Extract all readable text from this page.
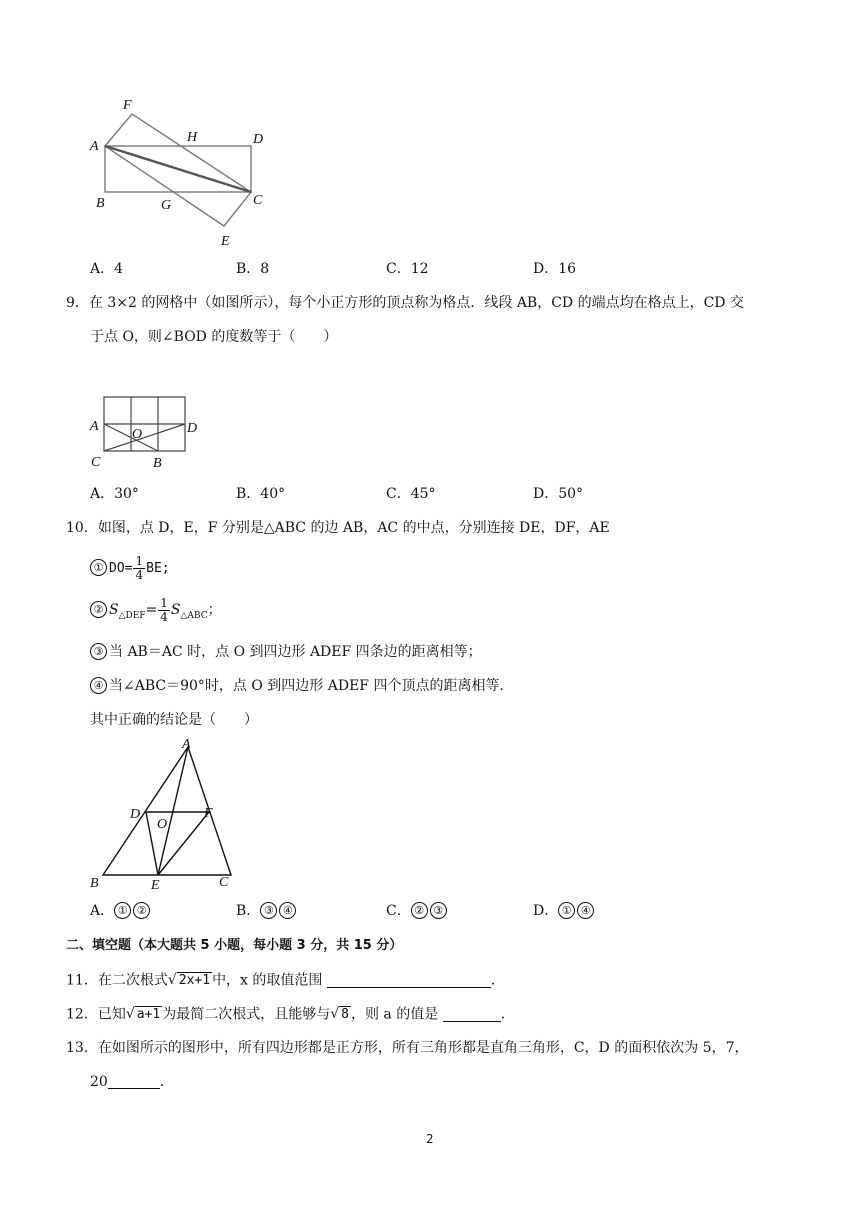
A
F
H	D
B	G	C
E
A．4	B．8	C．12	D．16
9．在 3×2 的网格中（如图所示），每个小正方形的顶点称为格点．线段 AB，CD 的端点均在格点上，CD 交
于点 O，则∠BOD 的度数等于（　　）
A	D
O
C	B
A．30°	B．40°	C．45°	D．50°
10．如图，点 D，E，F 分别是△ABC 的边 AB，AC 的中点，分别连接 DE，DF，AE
① $DO= \frac{1}{4}$ BE;
② $S_{\triangle DEF}= \frac{1}{4} S_{\triangle ABC}$；
③ 当 AB＝AC 时，点 O 到四边形 ADEF 四条边的距离相等；
④ 当∠ABC＝90°时，点 O 到四边形 ADEF 四个顶点的距离相等．
其中正确的结论是（　　）
A
D	F
O
B	E	C
A． ① ②	B． ③ ④	C． ② ③	D． ① ④
二、填空题（本大题共 5 小题，每小题 3 分，共 15 分）
11．在二次根式√ 2x+1 中，x 的取值范围	．
12．已知√ a+1 为最简二次根式，且能够与√ 8 ，则 a 的值是	．
13．在如图所示的图形中，所有四边形都是正方形，所有三角形都是直角三角形，C，D 的面积依次为 5，7，
20	．
2
